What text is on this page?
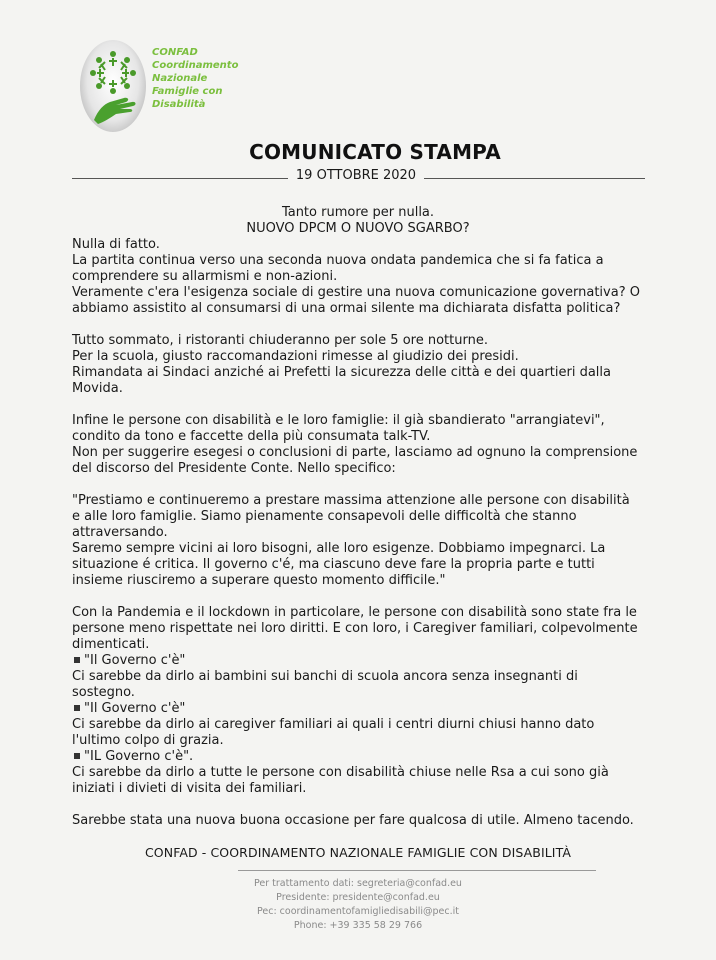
CONFAD
Coordinamento
Nazionale
Famiglie con
Disabilità
COMUNICATO STAMPA
19 OTTOBRE 2020
Tanto rumore per nulla.
NUOVO DPCM O NUOVO SGARBO?

Nulla di fatto.
La partita continua verso una seconda nuova ondata pandemica che si fa fatica a
comprendere su allarmismi e non-azioni.
Veramente c'era l'esigenza sociale di gestire una nuova comunicazione governativa? O
abbiamo assistito al consumarsi di una ormai silente ma dichiarata disfatta politica?

Tutto sommato, i ristoranti chiuderanno per sole 5 ore notturne.
Per la scuola, giusto raccomandazioni rimesse al giudizio dei presidi.
Rimandata ai Sindaci anziché ai Prefetti la sicurezza delle città e dei quartieri dalla
Movida.

Infine le persone con disabilità e le loro famiglie: il già sbandierato "arrangiatevi",
condito da tono e faccette della più consumata talk-TV.
Non per suggerire esegesi o conclusioni di parte, lasciamo ad ognuno la comprensione
del discorso del Presidente Conte. Nello specifico:

"Prestiamo e continueremo a prestare massima attenzione alle persone con disabilità
e alle loro famiglie. Siamo pienamente consapevoli delle difficoltà che stanno
attraversando.
Saremo sempre vicini ai loro bisogni, alle loro esigenze. Dobbiamo impegnarci. La
situazione é critica. Il governo c'é, ma ciascuno deve fare la propria parte e tutti
insieme riusciremo a superare questo momento difficile."

Con la Pandemia e il lockdown in particolare, le persone con disabilità sono state fra le
persone meno rispettate nei loro diritti. E con loro, i Caregiver familiari, colpevolmente
dimenticati.
"Il Governo c'è"
Ci sarebbe da dirlo ai bambini sui banchi di scuola ancora senza insegnanti di
sostegno.
"Il Governo c'è"
Ci sarebbe da dirlo ai caregiver familiari ai quali i centri diurni chiusi hanno dato
l'ultimo colpo di grazia.
"IL Governo c'è".
Ci sarebbe da dirlo a tutte le persone con disabilità chiuse nelle Rsa a cui sono già
iniziati i divieti di visita dei familiari.

Sarebbe stata una nuova buona occasione per fare qualcosa di utile. Almeno tacendo.

CONFAD - COORDINAMENTO NAZIONALE FAMIGLIE CON DISABILITÀ
Per trattamento dati: segreteria@confad.eu
Presidente: presidente@confad.eu
Pec: coordinamentofamigliedisabili@pec.it
Phone: +39 335 58 29 766
